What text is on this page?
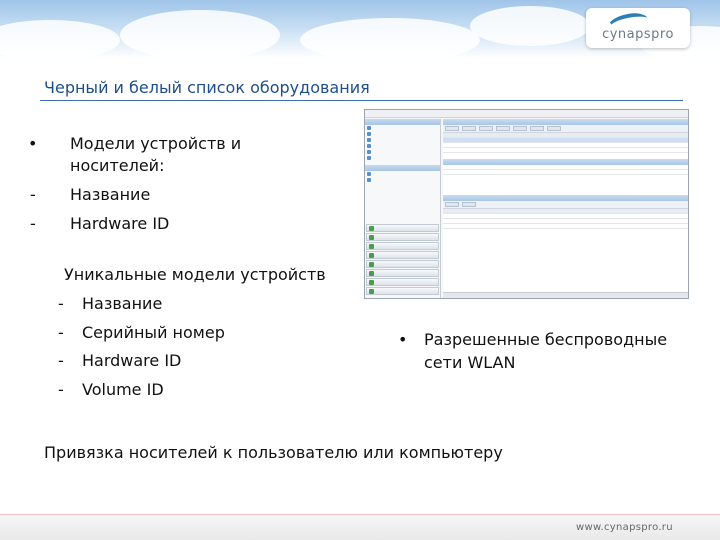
cynapspro
Черный и белый список оборудования
• Модели устройств и
носителей:
- Название
- Hardware ID
Уникальные модели устройств
- Название
- Серийный номер
- Hardware ID
- Volume ID
• Разрешенные беспроводные
сети WLAN
Привязка носителей к пользователю или компьютеру
www.cynapspro.ru
